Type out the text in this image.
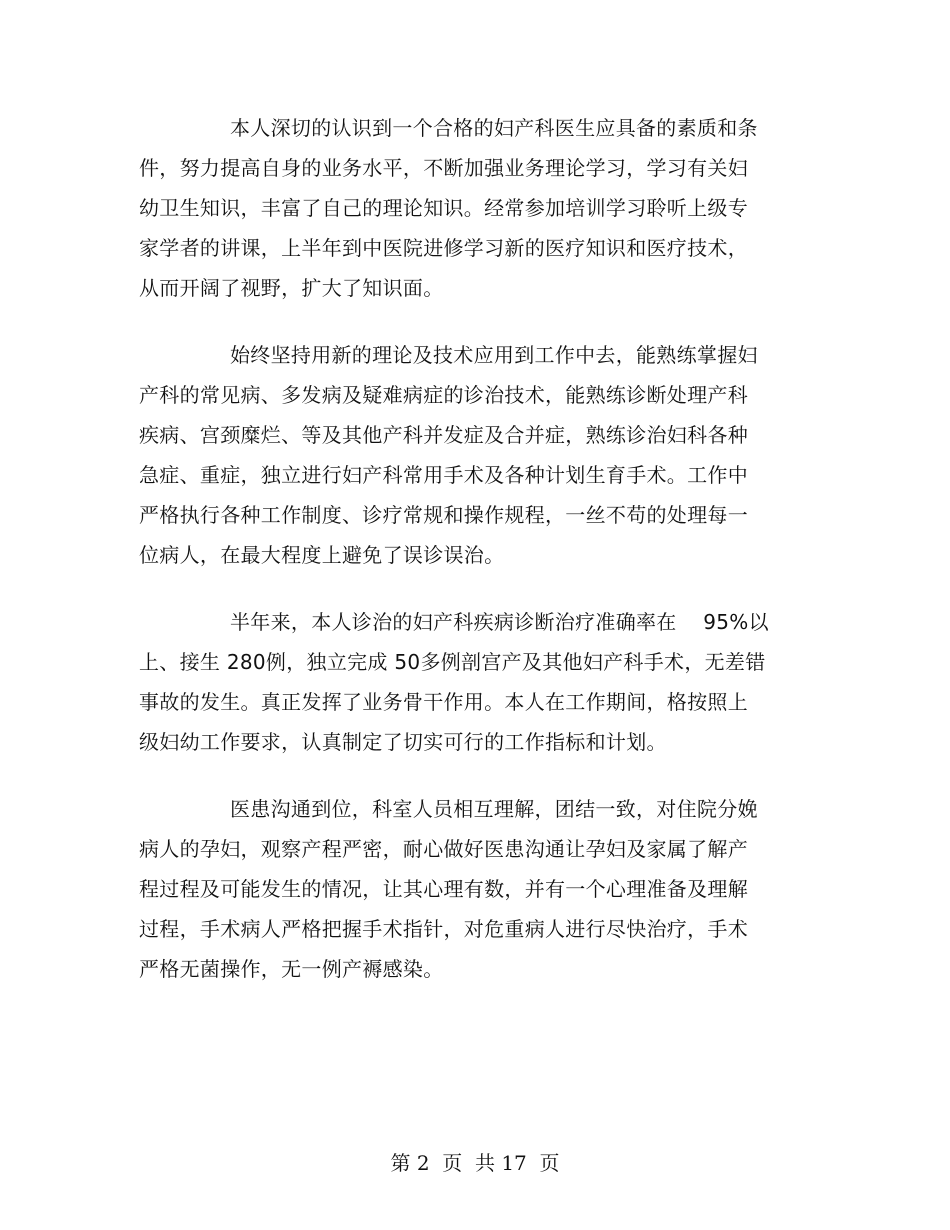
本人深切的认识到一个合格的妇产科医生应具备的素质和条
件，努力提高自身的业务水平，不断加强业务理论学习，学习有关妇
幼卫生知识，丰富了自己的理论知识。经常参加培训学习聆听上级专
家学者的讲课，上半年到中医院进修学习新的医疗知识和医疗技术，
从而开阔了视野，扩大了知识面。
始终坚持用新的理论及技术应用到工作中去，能熟练掌握妇
产科的常见病、多发病及疑难病症的诊治技术，能熟练诊断处理产科
疾病、宫颈糜烂、等及其他产科并发症及合并症，熟练诊治妇科各种
急症、重症，独立进行妇产科常用手术及各种计划生育手术。工作中
严格执行各种工作制度、诊疗常规和操作规程，一丝不苟的处理每一
位病人，在最大程度上避免了误诊误治。
半年来，本人诊治的妇产科疾病诊断治疗准确率在    95%以
上、接生 280例，独立完成 50多例剖宫产及其他妇产科手术，无差错
事故的发生。真正发挥了业务骨干作用。本人在工作期间，格按照上
级妇幼工作要求，认真制定了切实可行的工作指标和计划。
医患沟通到位，科室人员相互理解，团结一致，对住院分娩
病人的孕妇，观察产程严密，耐心做好医患沟通让孕妇及家属了解产
程过程及可能发生的情况，让其心理有数，并有一个心理准备及理解
过程，手术病人严格把握手术指针，对危重病人进行尽快治疗，手术
严格无菌操作，无一例产褥感染。
第 2  页  共 17  页
